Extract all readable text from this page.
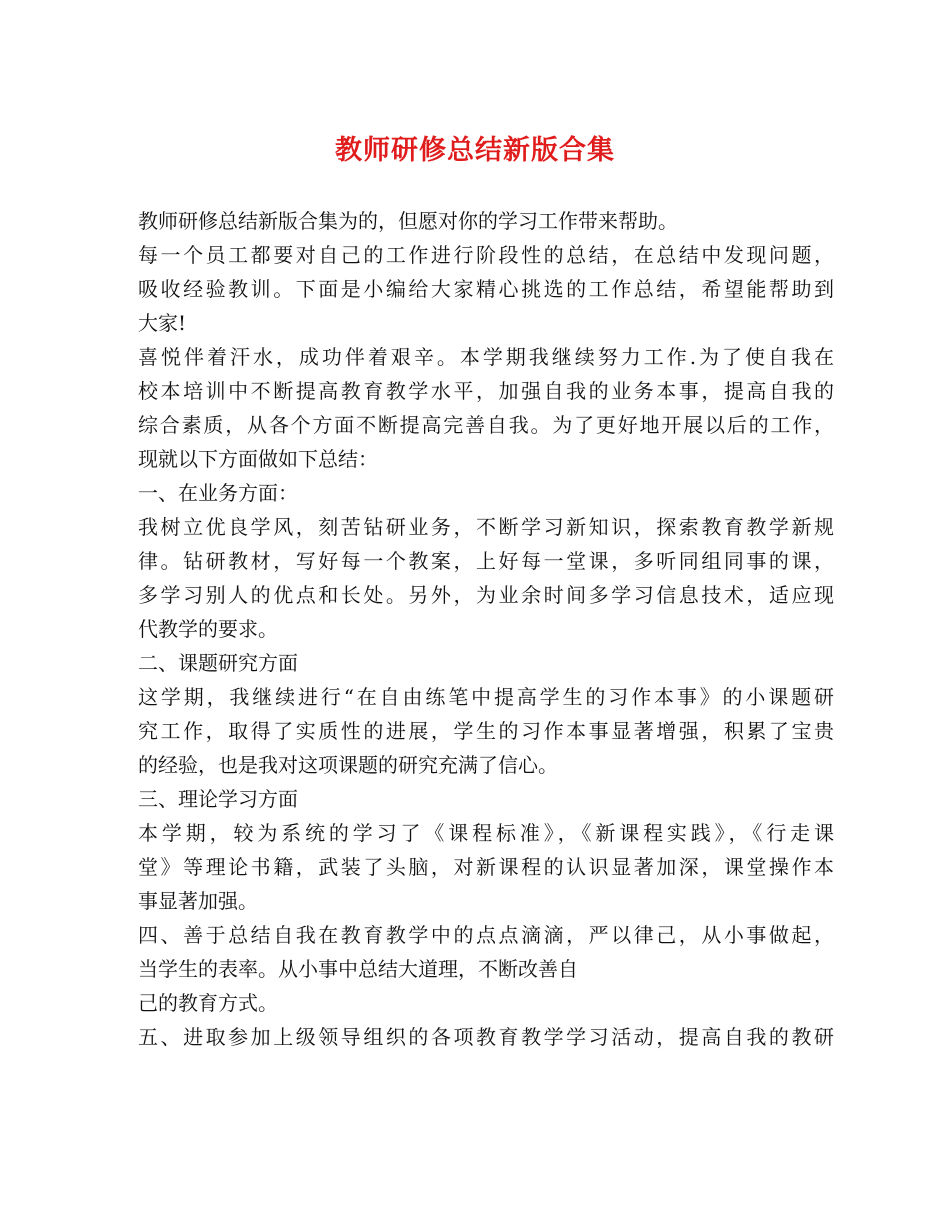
教师研修总结新版合集
教师研修总结新版合集为的，但愿对你的学习工作带来帮助。
每一个员工都要对自己的工作进行阶段性的总结，在总结中发现问题，
吸收经验教训。下面是小编给大家精心挑选的工作总结，希望能帮助到
大家!
喜悦伴着汗水，成功伴着艰辛。本学期我继续努力工作.为了使自我在
校本培训中不断提高教育教学水平，加强自我的业务本事，提高自我的
综合素质，从各个方面不断提高完善自我。为了更好地开展以后的工作，
现就以下方面做如下总结：
一、在业务方面：
我树立优良学风，刻苦钻研业务，不断学习新知识，探索教育教学新规
律。钻研教材，写好每一个教案，上好每一堂课，多听同组同事的课，
多学习别人的优点和长处。另外，为业余时间多学习信息技术，适应现
代教学的要求。
二、课题研究方面
这学期，我继续进行“在自由练笔中提高学生的习作本事》的小课题研
究工作，取得了实质性的进展，学生的习作本事显著增强，积累了宝贵
的经验，也是我对这项课题的研究充满了信心。
三、理论学习方面
本学期，较为系统的学习了《课程标准》，《新课程实践》，《行走课
堂》等理论书籍，武装了头脑，对新课程的认识显著加深，课堂操作本
事显著加强。
四、善于总结自我在教育教学中的点点滴滴，严以律己，从小事做起，
当学生的表率。从小事中总结大道理，不断改善自
己的教育方式。
五、进取参加上级领导组织的各项教育教学学习活动，提高自我的教研
